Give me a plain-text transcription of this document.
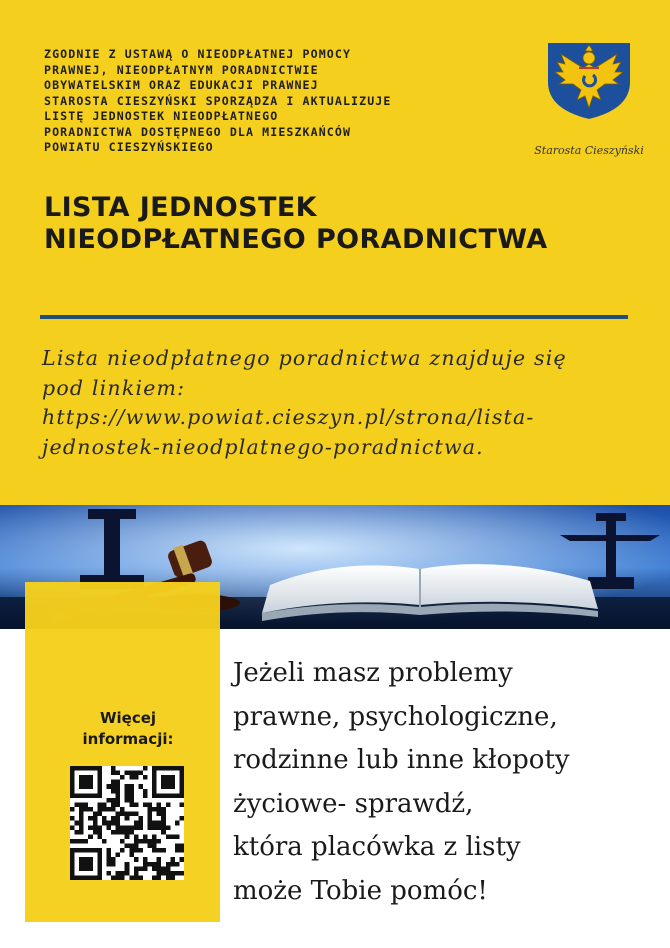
ZGODNIE Z USTAWĄ O NIEODPŁATNEJ POMOCY
PRAWNEJ, NIEODPŁATNYM PORADNICTWIE
OBYWATELSKIM ORAZ EDUKACJI PRAWNEJ
STAROSTA CIESZYŃSKI SPORZĄDZA I AKTUALIZUJE
LISTĘ JEDNOSTEK NIEODPŁATNEGO
PORADNICTWA DOSTĘPNEGO DLA MIESZKAŃCÓW
POWIATU CIESZYŃSKIEGO	Starosta Cieszyński
LISTA JEDNOSTEK
NIEODPŁATNEGO PORADNICTWA

Lista nieodpłatnego poradnictwa znajduje się
pod linkiem:
https://www.powiat.cieszyn.pl/strona/lista-
jednostek-nieodplatnego-poradnictwa.

Więcej
informacji:

Jeżeli masz problemy
prawne, psychologiczne,
rodzinne lub inne kłopoty
życiowe- sprawdź,
która placówka z listy
może Tobie pomóc!
